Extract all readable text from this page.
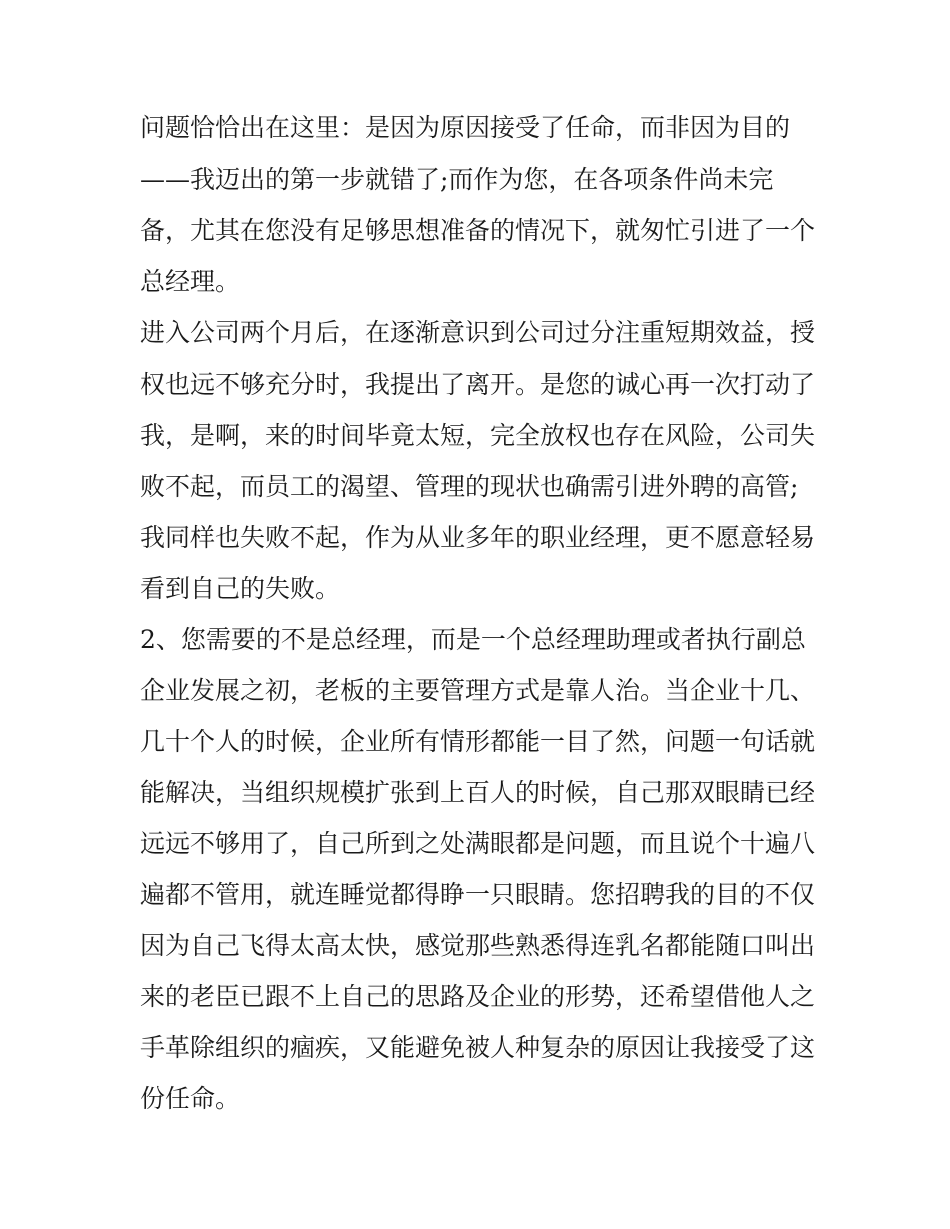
问题恰恰出在这里：是因为原因接受了任命，而非因为目的

——我迈出的第一步就错了;而作为您，在各项条件尚未完

备，尤其在您没有足够思想准备的情况下，就匆忙引进了一个

总经理。

进入公司两个月后，在逐渐意识到公司过分注重短期效益，授

权也远不够充分时，我提出了离开。是您的诚心再一次打动了

我，是啊，来的时间毕竟太短，完全放权也存在风险，公司失

败不起，而员工的渴望、管理的现状也确需引进外聘的高管;

我同样也失败不起，作为从业多年的职业经理，更不愿意轻易

看到自己的失败。

2、您需要的不是总经理，而是一个总经理助理或者执行副总

企业发展之初，老板的主要管理方式是靠人治。当企业十几、

几十个人的时候，企业所有情形都能一目了然，问题一句话就

能解决，当组织规模扩张到上百人的时候，自己那双眼睛已经

远远不够用了，自己所到之处满眼都是问题，而且说个十遍八

遍都不管用，就连睡觉都得睁一只眼睛。您招聘我的目的不仅

因为自己飞得太高太快，感觉那些熟悉得连乳名都能随口叫出

来的老臣已跟不上自己的思路及企业的形势，还希望借他人之

手革除组织的痼疾，又能避免被人种复杂的原因让我接受了这

份任命。
